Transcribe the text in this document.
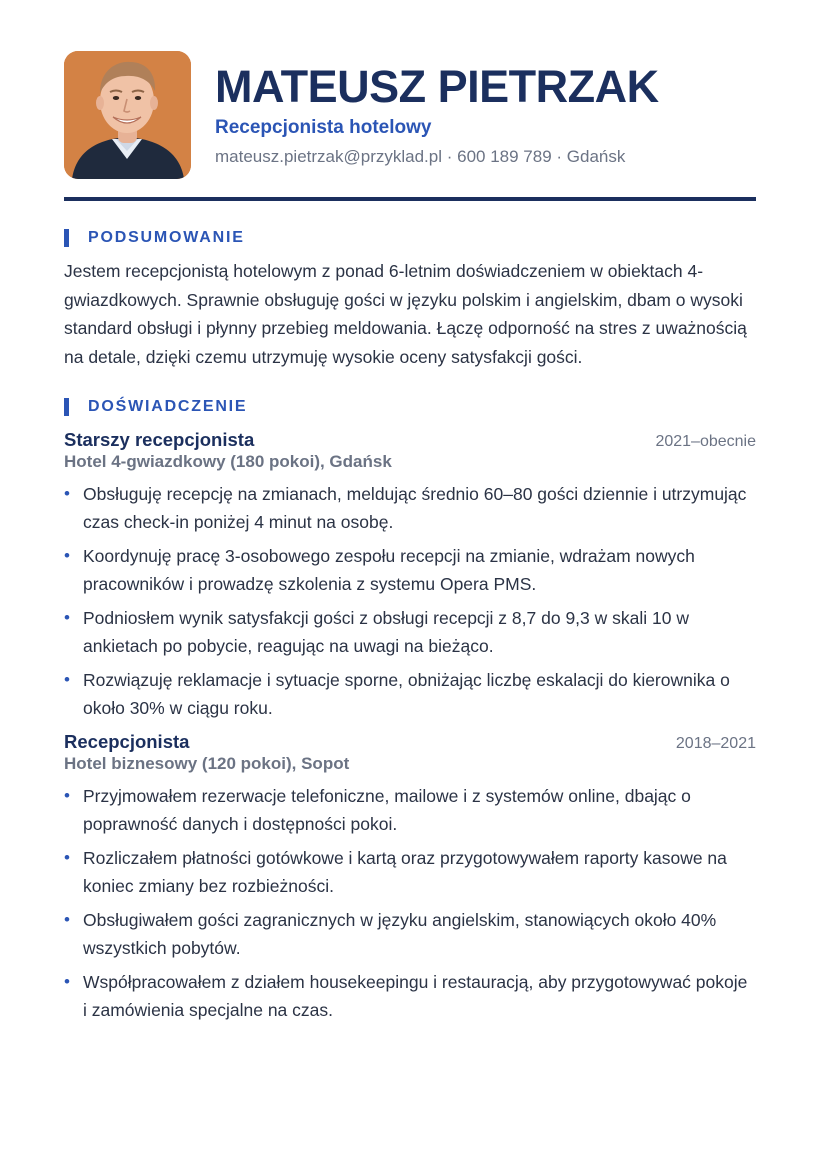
MATEUSZ PIETRZAK
Recepcjonista hotelowy
mateusz.pietrzak@przyklad.pl · 600 189 789 · Gdańsk
PODSUMOWANIE

Jestem recepcjonistą hotelowym z ponad 6-letnim doświadczeniem w obiektach 4-gwiazdkowych. Sprawnie obsługuję gości w języku polskim i angielskim, dbam o wysoki standard obsługi i płynny przebieg meldowania. Łączę odporność na stres z uważnością na detale, dzięki czemu utrzymuję wysokie oceny satysfakcji gości.

DOŚWIADCZENIE
Starszy recepcjonista	2021–obecnie
Hotel 4-gwiazdkowy (180 pokoi), Gdańsk
• Obsługuję recepcję na zmianach, meldując średnio 60–80 gości dziennie i utrzymując czas check-in poniżej 4 minut na osobę.
• Koordynuję pracę 3-osobowego zespołu recepcji na zmianie, wdrażam nowych pracowników i prowadzę szkolenia z systemu Opera PMS.
• Podniosłem wynik satysfakcji gości z obsługi recepcji z 8,7 do 9,3 w skali 10 w ankietach po pobycie, reagując na uwagi na bieżąco.
• Rozwiązuję reklamacje i sytuacje sporne, obniżając liczbę eskalacji do kierownika o około 30% w ciągu roku.
Recepcjonista	2018–2021
Hotel biznesowy (120 pokoi), Sopot
• Przyjmowałem rezerwacje telefoniczne, mailowe i z systemów online, dbając o poprawność danych i dostępności pokoi.
• Rozliczałem płatności gotówkowe i kartą oraz przygotowywałem raporty kasowe na koniec zmiany bez rozbieżności.
• Obsługiwałem gości zagranicznych w języku angielskim, stanowiących około 40% wszystkich pobytów.
• Współpracowałem z działem housekeepingu i restauracją, aby przygotowywać pokoje i zamówienia specjalne na czas.
